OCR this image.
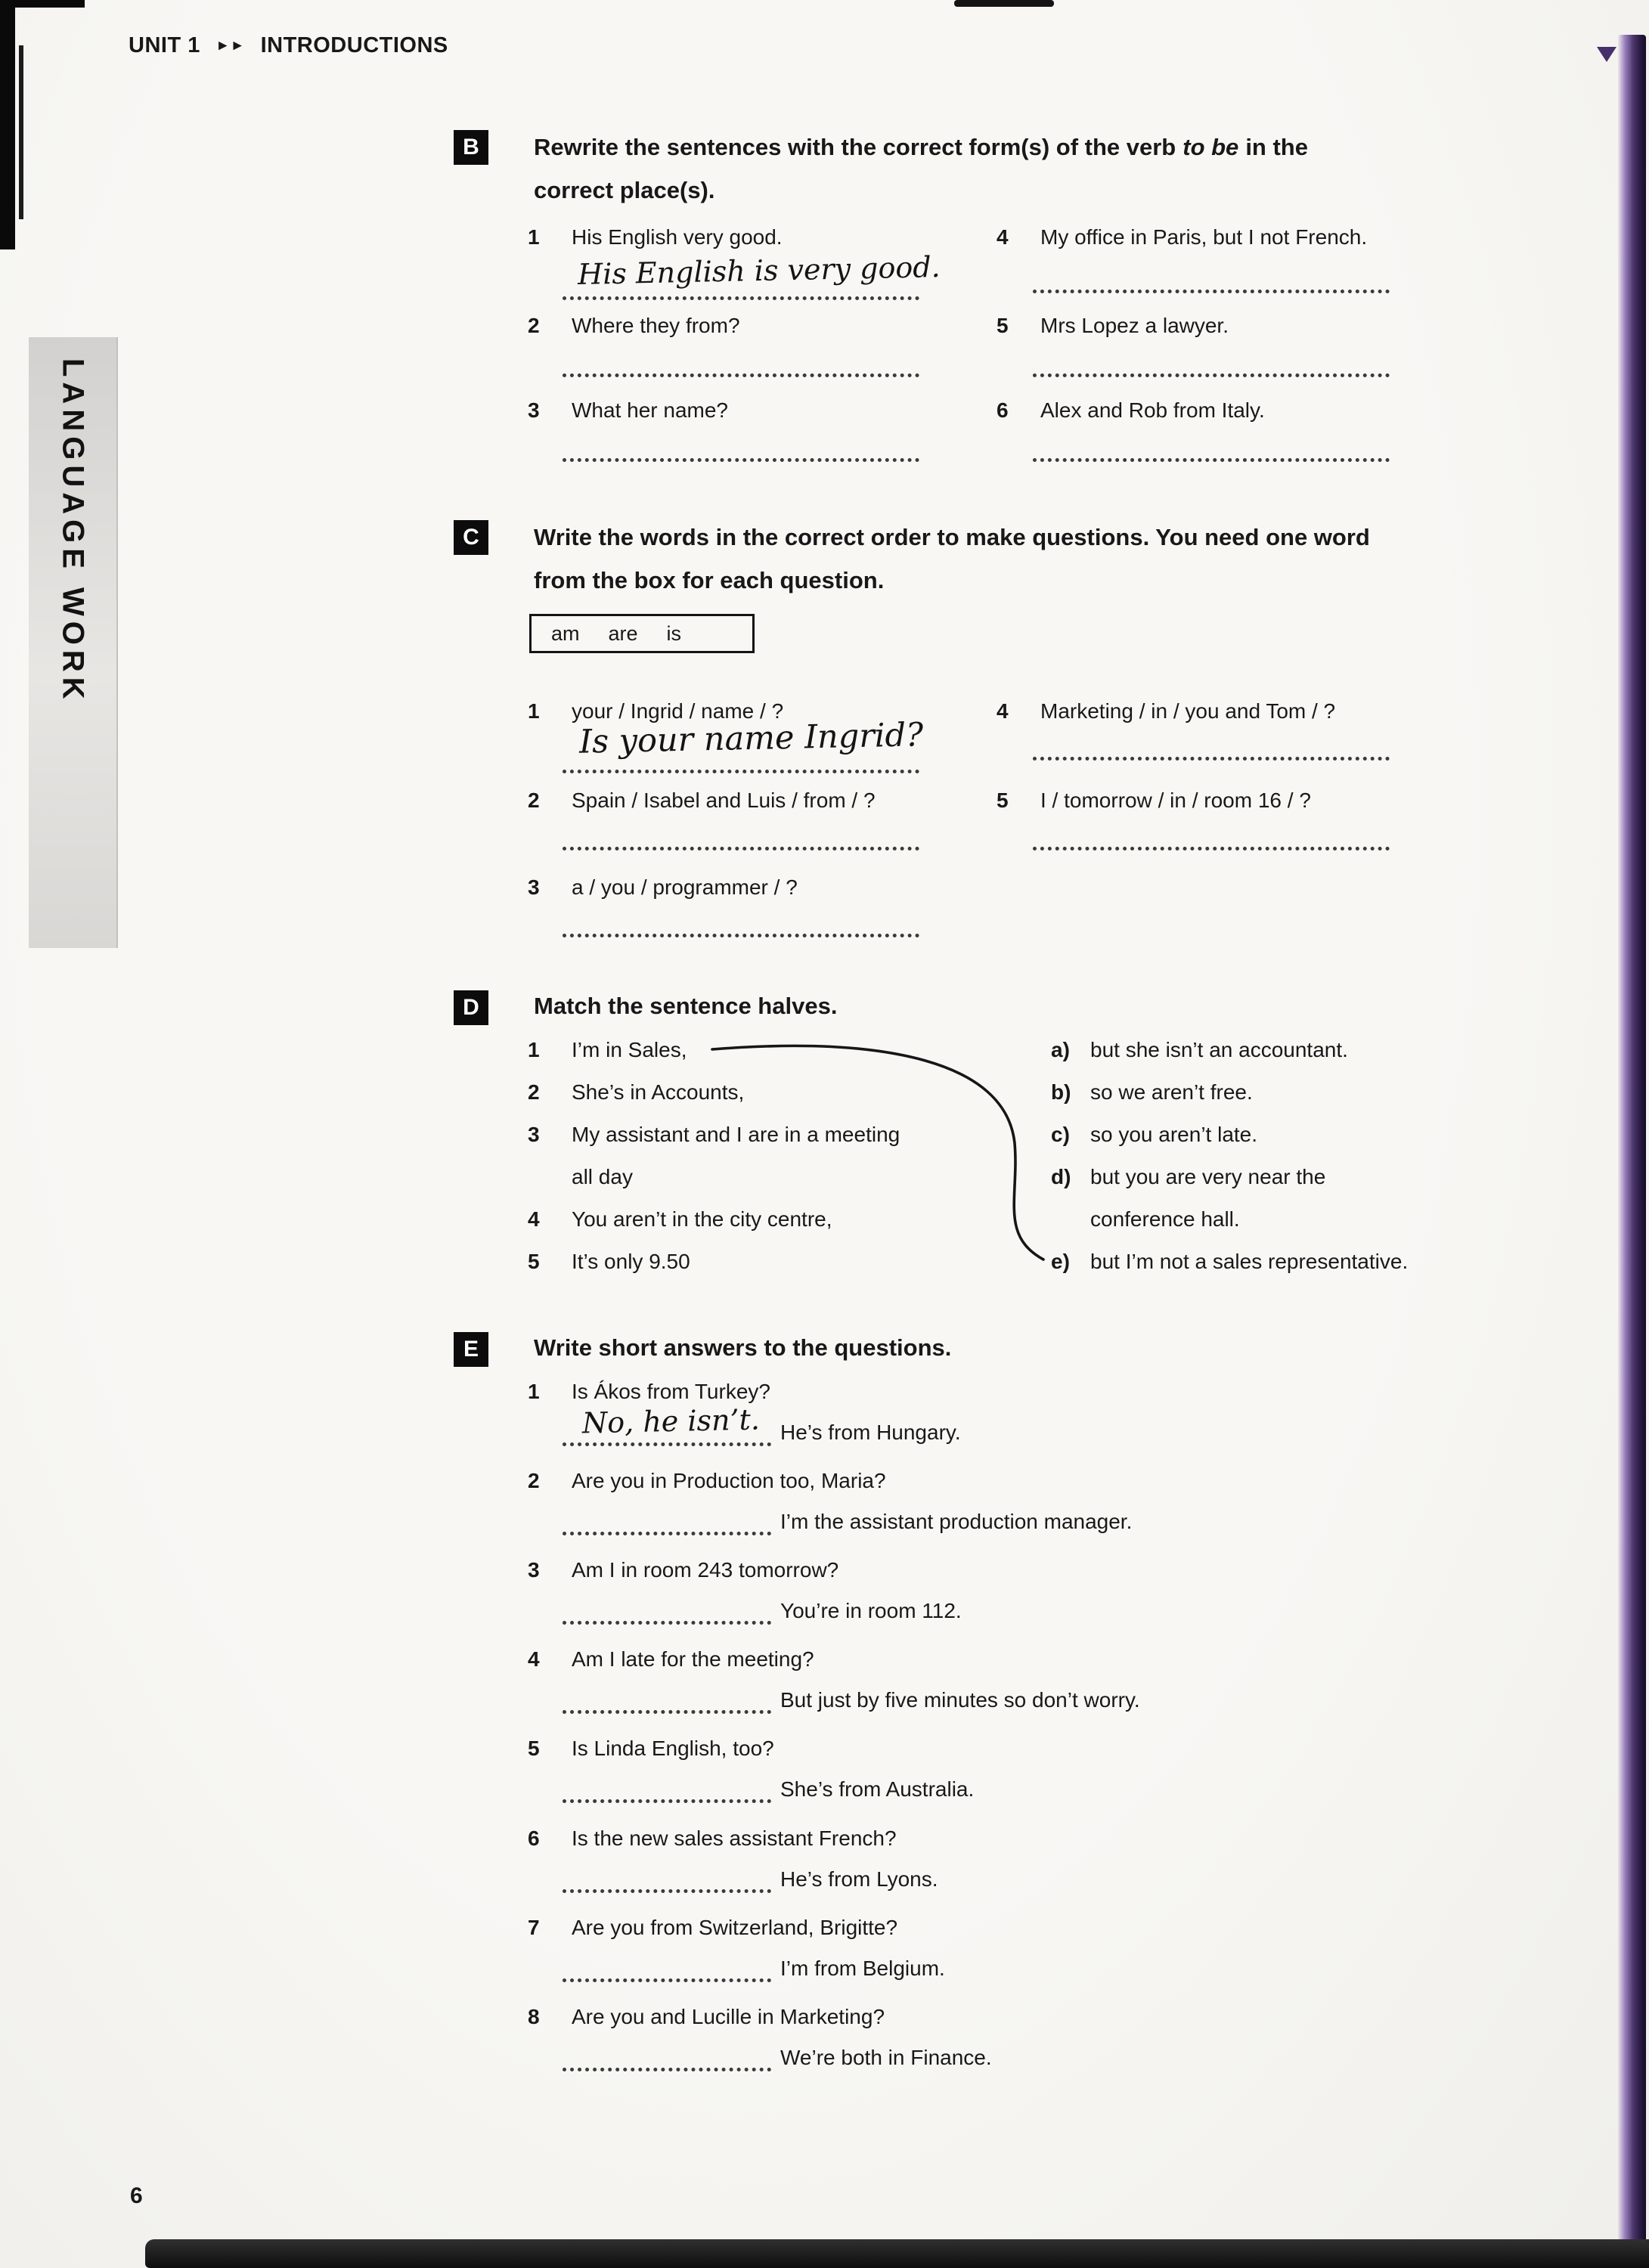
UNIT 1 ►► INTRODUCTIONS
LANGUAGE WORK
B	Rewrite the sentences with the correct form(s) of the verb to be in the
correct place(s).
1	His English very good.
His English is very good.
2	Where they from?
3	What her name?
4	My office in Paris, but I not French.
5	Mrs Lopez a lawyer.
6	Alex and Rob from Italy.
C	Write the words in the correct order to make questions. You need one word
from the box for each question.
am are is
1	your / Ingrid / name / ?
Is your name Ingrid?
2	Spain / Isabel and Luis / from / ?
3	a / you / programmer / ?
4	Marketing / in / you and Tom / ?
5	I / tomorrow / in / room 16 / ?
D	Match the sentence halves.
1	I’m in Sales,
2	She’s in Accounts,
3	My assistant and I are in a meeting
all day
4	You aren’t in the city centre,
5	It’s only 9.50
a) but she isn’t an accountant.
b) so we aren’t free.
c) so you aren’t late.
d) but you are very near the
conference hall.
e) but I’m not a sales representative.
E	Write short answers to the questions.
1	Is Ákos from Turkey?
He’s from Hungary.
No, he isn’t.
2	Are you in Production too, Maria?
I’m the assistant production manager.
3	Am I in room 243 tomorrow?
You’re in room 112.
4	Am I late for the meeting?
But just by five minutes so don’t worry.
5	Is Linda English, too?
She’s from Australia.
6	Is the new sales assistant French?
He’s from Lyons.
7	Are you from Switzerland, Brigitte?
I’m from Belgium.
8	Are you and Lucille in Marketing?
We’re both in Finance.
6
